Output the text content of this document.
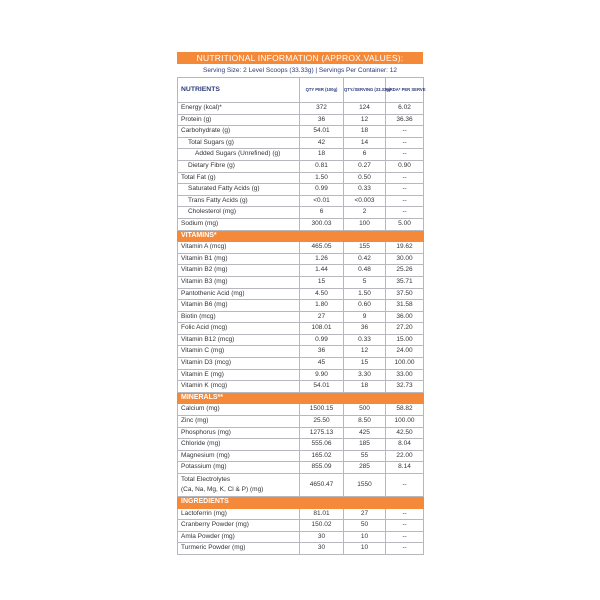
NUTRITIONAL INFORMATION (APPROX.VALUES):
Serving Size: 2 Level Scoops (33.33g) | Servings Per Container: 12
NUTRIENTS	QTY PER (100g)	QTY./SERVING (33.33g)	%RDA* PER SERVE
Energy (kcal)*	372	124	6.02
Protein (g)	36	12	36.36
Carbohydrate (g)	54.01	18	--
Total Sugars (g)	42	14	--
Added Sugars (Unrefined) (g)	18	6	--
Dietary Fibre (g)	0.81	0.27	0.90
Total Fat (g)	1.50	0.50	--
Saturated Fatty Acids (g)	0.99	0.33	--
Trans Fatty Acids (g)	<0.01	<0.003	--
Cholesterol (mg)	6	2	--
Sodium (mg)	300.03	100	5.00
VITAMINS*			
Vitamin A (mcg)	465.05	155	19.62
Vitamin B1 (mg)	1.26	0.42	30.00
Vitamin B2 (mg)	1.44	0.48	25.26
Vitamin B3 (mg)	15	5	35.71
Pantothenic Acid (mg)	4.50	1.50	37.50
Vitamin B6 (mg)	1.80	0.60	31.58
Biotin (mcg)	27	9	36.00
Folic Acid (mcg)	108.01	36	27.20
Vitamin B12 (mcg)	0.99	0.33	15.00
Vitamin C (mg)	36	12	24.00
Vitamin D3 (mcg)	45	15	100.00
Vitamin E (mg)	9.90	3.30	33.00
Vitamin K (mcg)	54.01	18	32.73
MINERALS**			
Calcium (mg)	1500.15	500	58.82
Zinc (mg)	25.50	8.50	100.00
Phosphorus (mg)	1275.13	425	42.50
Chloride (mg)	555.06	185	8.04
Magnesium (mg)	165.02	55	22.00
Potassium (mg)	855.09	285	8.14

Total Electrolytes
(Ca, Na, Mg, K, Cl & P) (mg)	4650.47	1550	--
INGREDIENTS			
Lactoferrin (mg)	81.01	27	--
Cranberry Powder (mg)	150.02	50	--
Amla Powder (mg)	30	10	--
Turmeric Powder (mg)	30	10	--
